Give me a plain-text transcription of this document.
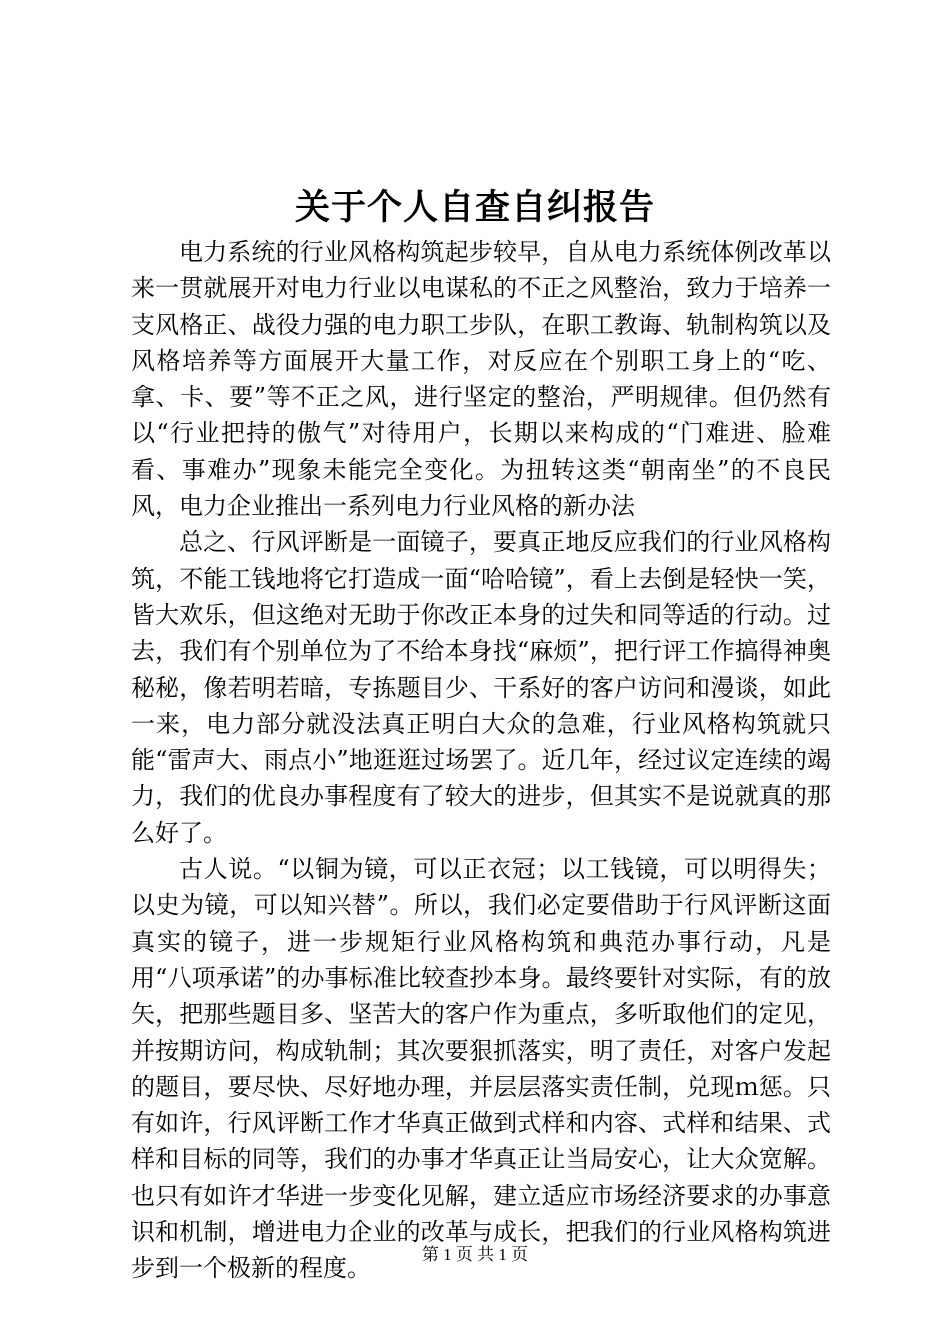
关于个人自查自纠报告

电力系统的行业风格构筑起步较早，自从电力系统体例改革以来一贯就展开对电力行业以电谋私的不正之风整治，致力于培养一支风格正、战役力强的电力职工步队，在职工教诲、轨制构筑以及风格培养等方面展开大量工作，对反应在个别职工身上的“吃、拿、卡、要”等不正之风，进行坚定的整治，严明规律。但仍然有以“行业把持的傲气”对待用户，长期以来构成的“门难进、脸难看、事难办”现象未能完全变化。为扭转这类“朝南坐”的不良民风，电力企业推出一系列电力行业风格的新办法

总之、行风评断是一面镜子，要真正地反应我们的行业风格构筑，不能工钱地将它打造成一面“哈哈镜”，看上去倒是轻快一笑，皆大欢乐，但这绝对无助于你改正本身的过失和同等适的行动。过去，我们有个别单位为了不给本身找“麻烦”，把行评工作搞得神奥秘秘，像若明若暗，专拣题目少、干系好的客户访问和漫谈，如此一来，电力部分就没法真正明白大众的急难，行业风格构筑就只能“雷声大、雨点小”地逛逛过场罢了。近几年，经过议定连续的竭力，我们的优良办事程度有了较大的进步，但其实不是说就真的那么好了。

古人说。“以铜为镜，可以正衣冠；以工钱镜，可以明得失；以史为镜，可以知兴替”。所以，我们必定要借助于行风评断这面真实的镜子，进一步规矩行业风格构筑和典范办事行动，凡是用“八项承诺”的办事标准比较查抄本身。最终要针对实际，有的放矢，把那些题目多、坚苦大的客户作为重点，多听取他们的定见，并按期访问，构成轨制；其次要狠抓落实，明了责任，对客户发起的题目，要尽快、尽好地办理，并层层落实责任制，兑现ｍ惩。只有如许，行风评断工作才华真正做到式样和内容、式样和结果、式样和目标的同等，我们的办事才华真正让当局安心，让大众宽解。也只有如许才华进一步变化见解，建立适应市场经济要求的办事意识和机制，增进电力企业的改革与成长，把我们的行业风格构筑进步到一个极新的程度。	第 1 页 共 1 页
